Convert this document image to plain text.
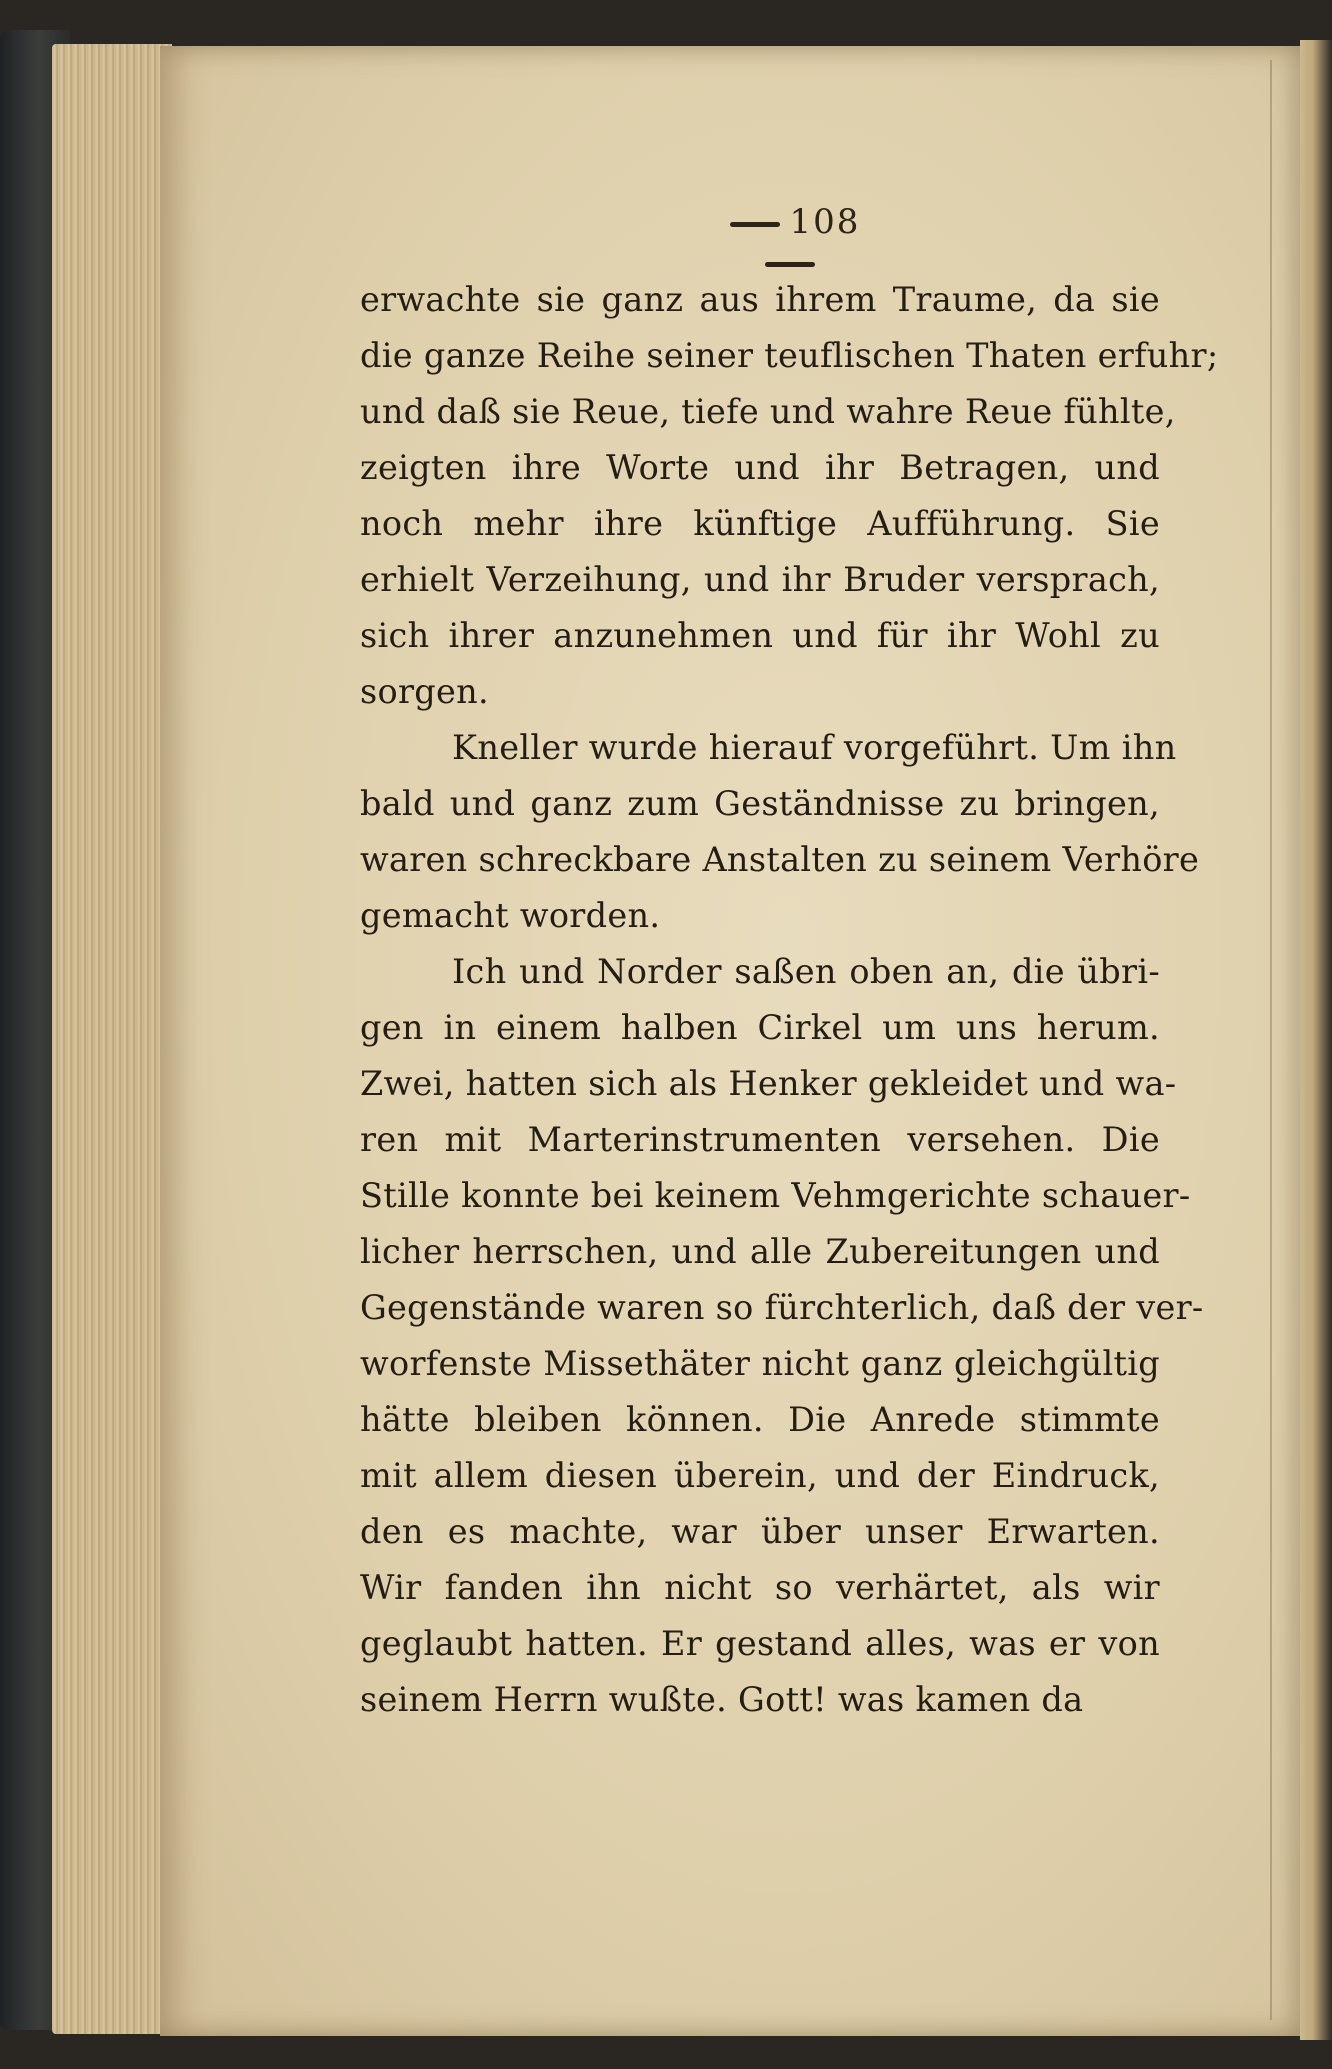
108
erwachte sie ganz aus ihrem Traume, da sie
die ganze Reihe seiner teuflischen Thaten erfuhr;
und daß sie Reue, tiefe und wahre Reue fühlte,
zeigten ihre Worte und ihr Betragen, und
noch mehr ihre künftige Aufführung. Sie
erhielt Verzeihung, und ihr Bruder versprach,
sich ihrer anzunehmen und für ihr Wohl zu
sorgen.
Kneller wurde hierauf vorgeführt. Um ihn
bald und ganz zum Geständnisse zu bringen,
waren schreckbare Anstalten zu seinem Verhöre
gemacht worden.
Ich und Norder saßen oben an, die übri-
gen in einem halben Cirkel um uns herum.
Zwei, hatten sich als Henker gekleidet und wa-
ren mit Marterinstrumenten versehen. Die
Stille konnte bei keinem Vehmgerichte schauer-
licher herrschen, und alle Zubereitungen und
Gegenstände waren so fürchterlich, daß der ver-
worfenste Missethäter nicht ganz gleichgültig
hätte bleiben können. Die Anrede stimmte
mit allem diesen überein, und der Eindruck,
den es machte, war über unser Erwarten.
Wir fanden ihn nicht so verhärtet, als wir
geglaubt hatten. Er gestand alles, was er von
seinem Herrn wußte. Gott! was kamen da
